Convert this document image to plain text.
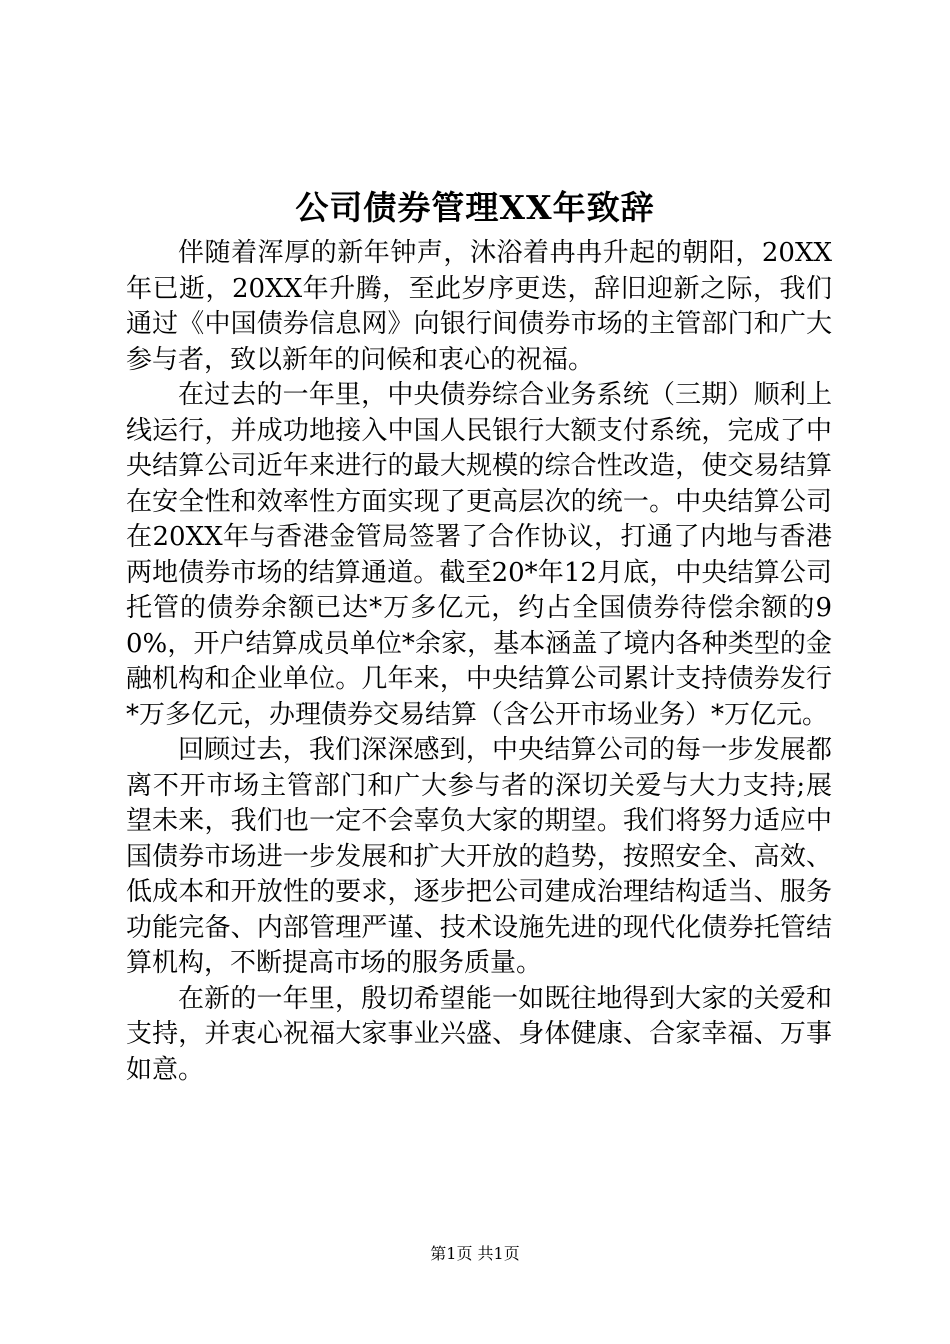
公司债券管理XX年致辞

伴随着浑厚的新年钟声，沐浴着冉冉升起的朝阳，20XX年已逝，20XX年升腾，至此岁序更迭，辞旧迎新之际，我们通过《中国债券信息网》向银行间债券市场的主管部门和广大参与者，致以新年的问候和衷心的祝福。

在过去的一年里，中央债券综合业务系统（三期）顺利上线运行，并成功地接入中国人民银行大额支付系统，完成了中央结算公司近年来进行的最大规模的综合性改造，使交易结算在安全性和效率性方面实现了更高层次的统一。中央结算公司在20XX年与香港金管局签署了合作协议，打通了内地与香港两地债券市场的结算通道。截至20*年12月底，中央结算公司托管的债券余额已达*万多亿元，约占全国债券待偿余额的90%，开户结算成员单位*余家，基本涵盖了境内各种类型的金融机构和企业单位。几年来，中央结算公司累计支持债券发行*万多亿元，办理债券交易结算（含公开市场业务）*万亿元。

回顾过去，我们深深感到，中央结算公司的每一步发展都离不开市场主管部门和广大参与者的深切关爱与大力支持;展望未来，我们也一定不会辜负大家的期望。我们将努力适应中国债券市场进一步发展和扩大开放的趋势，按照安全、高效、低成本和开放性的要求，逐步把公司建成治理结构适当、服务功能完备、内部管理严谨、技术设施先进的现代化债券托管结算机构，不断提高市场的服务质量。

在新的一年里，殷切希望能一如既往地得到大家的关爱和支持，并衷心祝福大家事业兴盛、身体健康、合家幸福、万事如意。

第1页 共1页
